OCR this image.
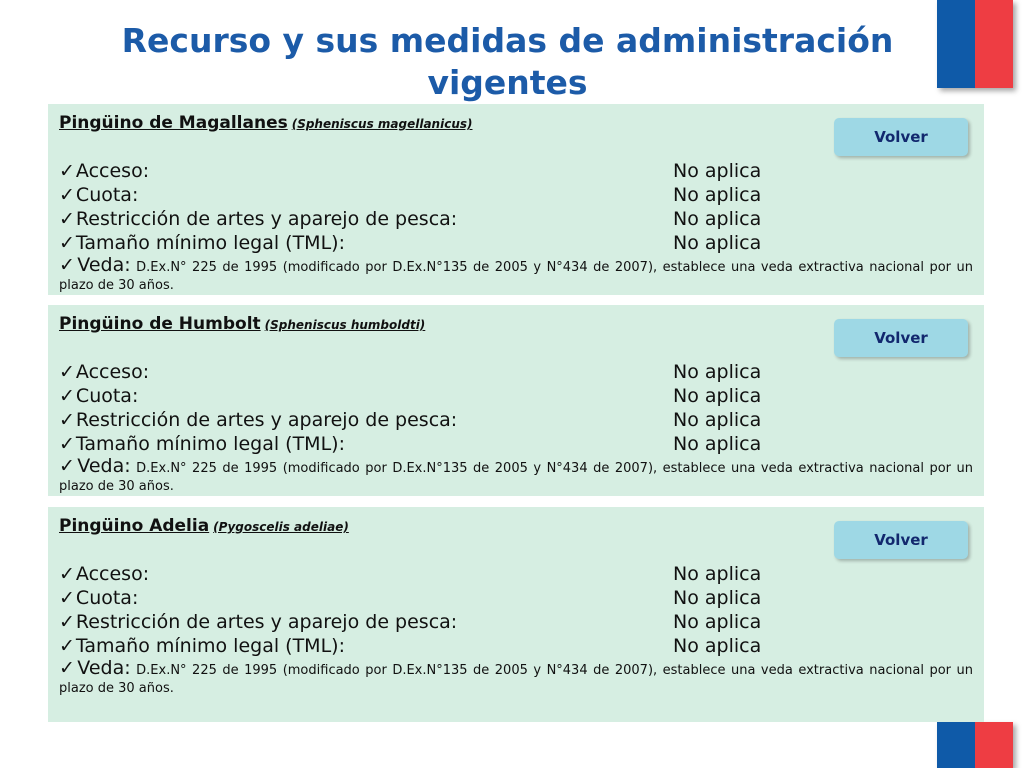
Recurso y sus medidas de administración vigentes
Pingüino de Magallanes (Spheniscus magellanicus)
Volver
✓Acceso:	No aplica
✓Cuota:	No aplica
✓Restricción de artes y aparejo de pesca:	No aplica
✓Tamaño mínimo legal (TML):	No aplica
✓Veda: D.Ex.N° 225 de 1995 (modificado por D.Ex.N°135 de 2005 y N°434 de 2007), establece una veda extractiva nacional por un plazo de 30 años.
Pingüino de Humbolt (Spheniscus humboldti)
Volver
✓Acceso:	No aplica
✓Cuota:	No aplica
✓Restricción de artes y aparejo de pesca:	No aplica
✓Tamaño mínimo legal (TML):	No aplica
✓Veda: D.Ex.N° 225 de 1995 (modificado por D.Ex.N°135 de 2005 y N°434 de 2007), establece una veda extractiva nacional por un plazo de 30 años.
Pingüino Adelia (Pygoscelis adeliae)
Volver
✓Acceso:	No aplica
✓Cuota:	No aplica
✓Restricción de artes y aparejo de pesca:	No aplica
✓Tamaño mínimo legal (TML):	No aplica
✓Veda: D.Ex.N° 225 de 1995 (modificado por D.Ex.N°135 de 2005 y N°434 de 2007), establece una veda extractiva nacional por un plazo de 30 años.
